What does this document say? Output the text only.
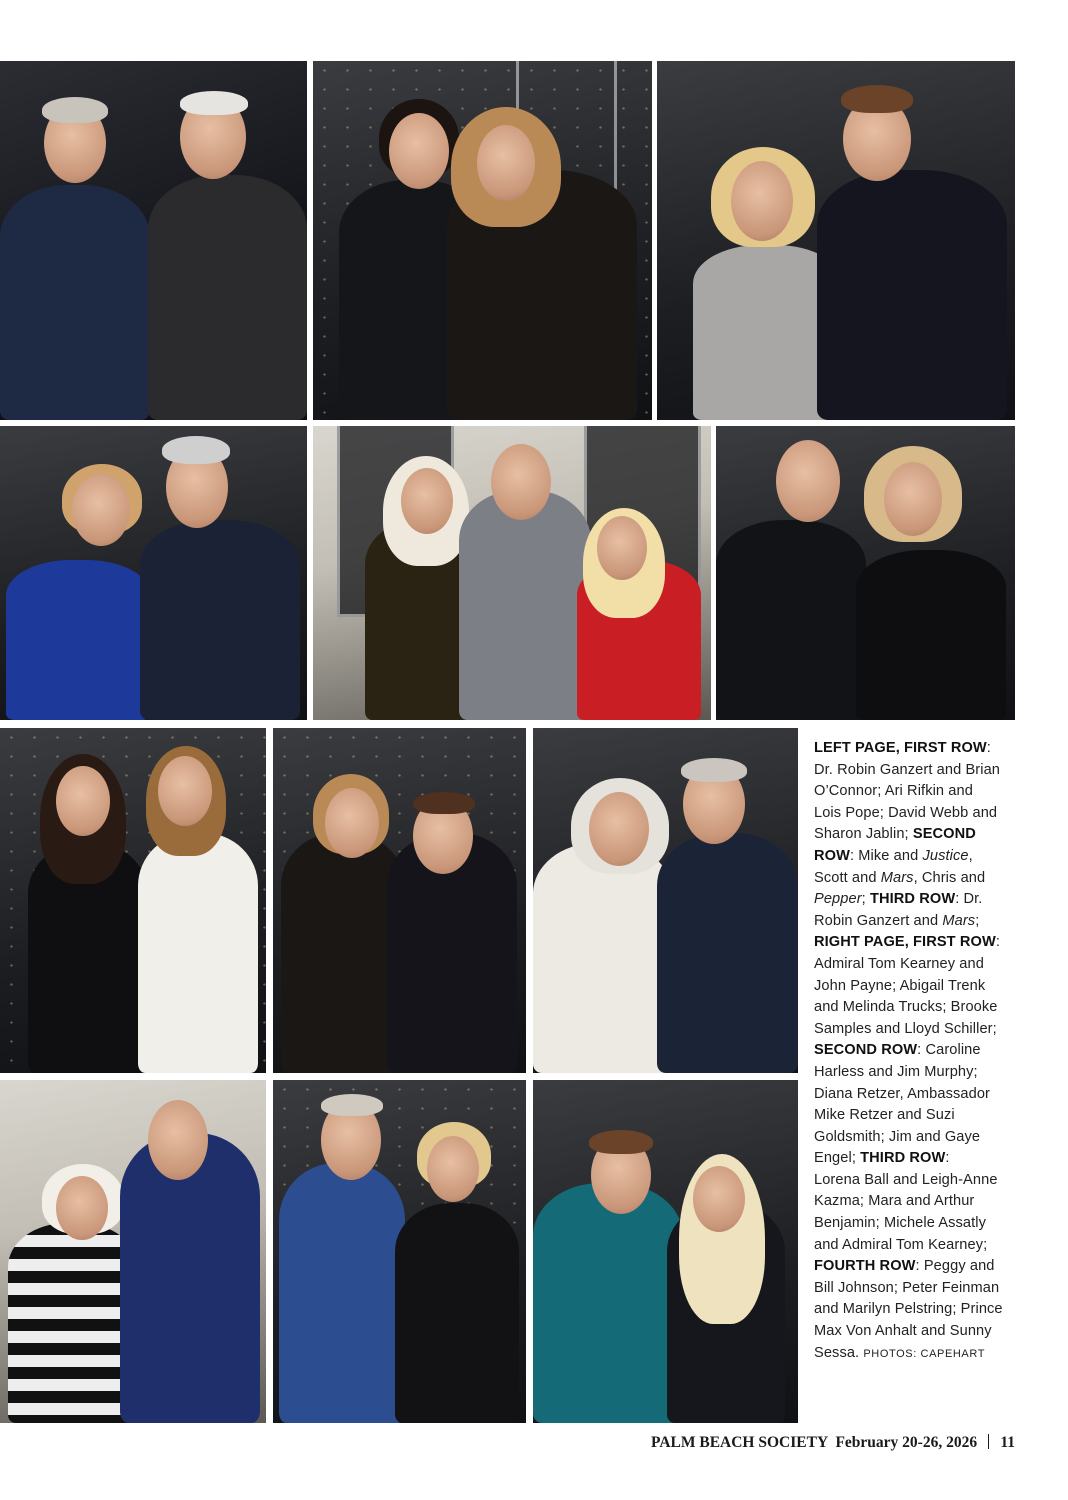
LEFT PAGE, FIRST ROW:
Dr. Robin Ganzert and Brian
O’Connor; Ari Rifkin and
Lois Pope; David Webb and
Sharon Jablin; SECOND
ROW: Mike and Justice,
Scott and Mars, Chris and
Pepper; THIRD ROW: Dr.
Robin Ganzert and Mars;
RIGHT PAGE, FIRST ROW:
Admiral Tom Kearney and
John Payne; Abigail Trenk
and Melinda Trucks; Brooke
Samples and Lloyd Schiller;
SECOND ROW: Caroline
Harless and Jim Murphy;
Diana Retzer, Ambassador
Mike Retzer and Suzi
Goldsmith; Jim and Gaye
Engel; THIRD ROW:
Lorena Ball and Leigh-Anne
Kazma; Mara and Arthur
Benjamin; Michele Assatly
and Admiral Tom Kearney;
FOURTH ROW: Peggy and
Bill Johnson; Peter Feinman
and Marilyn Pelstring; Prince
Max Von Anhalt and Sunny
Sessa. PHOTOS: CAPEHART
PALM BEACH SOCIETY February 20-26, 2026 11
